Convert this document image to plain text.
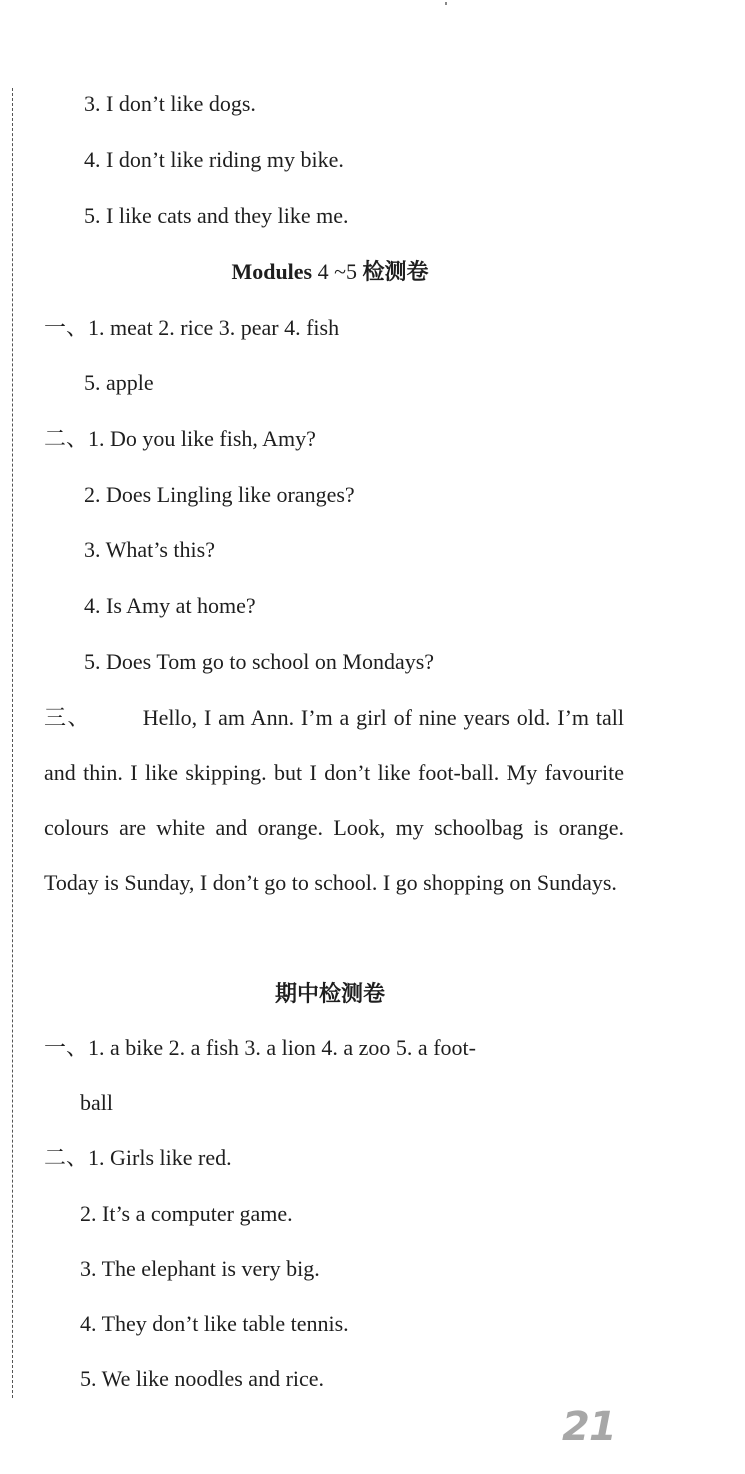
3. I don’t like dogs.
4. I don’t like riding my bike.
5. I like cats and they like me.
Modules 4 ~5 检测卷
一、1. meat 2. rice 3. pear 4. fish
5. apple
二、1. Do you like fish, Amy?
2. Does Lingling like oranges?
3. What’s this?
4. Is Amy at home?
5. Does Tom go to school on Mondays?
三、 Hello, I am Ann. I’m a girl of nine years old. I’m tall and thin. I like skipping. but I don’t like foot-ball. My favourite colours are white and orange. Look, my schoolbag is orange. Today is Sunday, I don’t go to school. I go shopping on Sundays.
期中检测卷
一、1. a bike 2. a fish 3. a lion 4. a zoo 5. a foot-
ball
二、1. Girls like red.
2. It’s a computer game.
3. The elephant is very big.
4. They don’t like table tennis.
5. We like noodles and rice.
21
